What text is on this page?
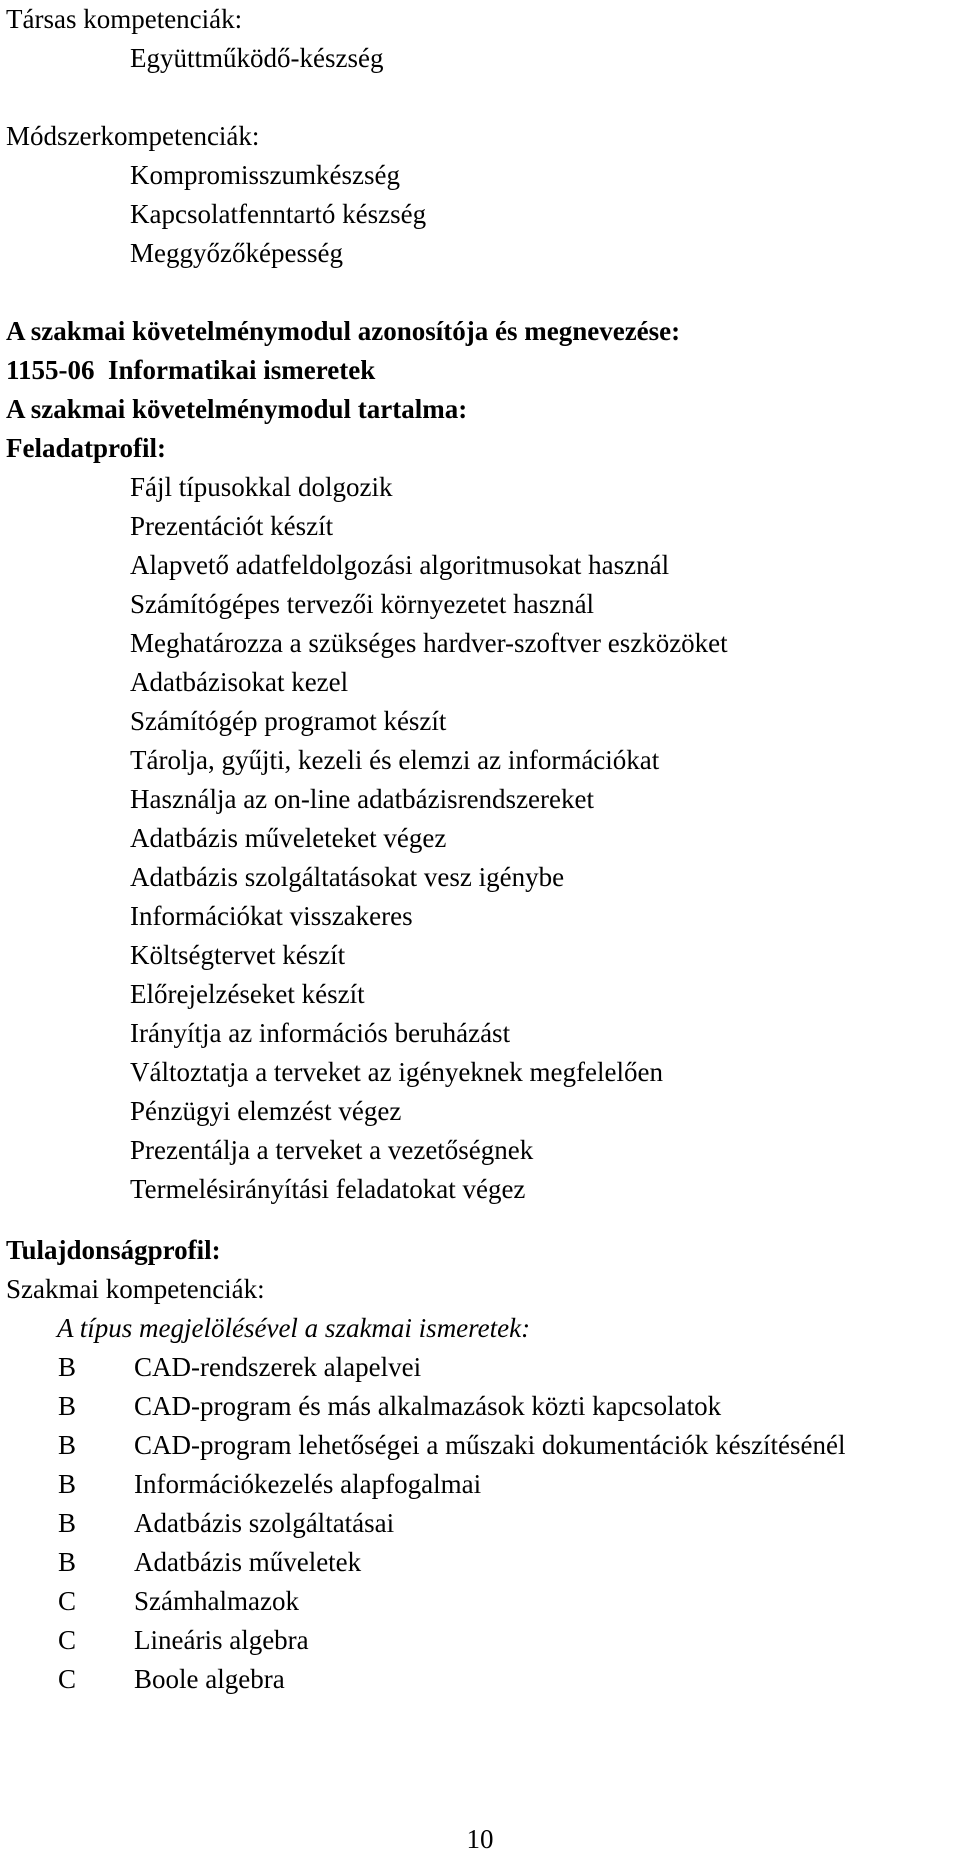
Társas kompetenciák:
Együttműködő-készség
Módszerkompetenciák:
Kompromisszumkészség
Kapcsolatfenntartó készség
Meggyőzőképesség
A szakmai követelménymodul azonosítója és megnevezése:
1155-06  Informatikai ismeretek
A szakmai követelménymodul tartalma:
Feladatprofil:
Fájl típusokkal dolgozik
Prezentációt készít
Alapvető adatfeldolgozási algoritmusokat használ
Számítógépes tervezői környezetet használ
Meghatározza a szükséges hardver-szoftver eszközöket
Adatbázisokat kezel
Számítógép programot készít
Tárolja, gyűjti, kezeli és elemzi az információkat
Használja az on-line adatbázisrendszereket
Adatbázis műveleteket végez
Adatbázis szolgáltatásokat vesz igénybe
Információkat visszakeres
Költségtervet készít
Előrejelzéseket készít
Irányítja az információs beruházást
Változtatja a terveket az igényeknek megfelelően
Pénzügyi elemzést végez
Prezentálja a terveket a vezetőségnek
Termelésirányítási feladatokat végez
Tulajdonságprofil:
Szakmai kompetenciák:
A típus megjelölésével a szakmai ismeretek:
B	CAD-rendszerek alapelvei
B	CAD-program és más alkalmazások közti kapcsolatok
B	CAD-program lehetőségei a műszaki dokumentációk készítésénél
B	Információkezelés alapfogalmai
B	Adatbázis szolgáltatásai
B	Adatbázis műveletek
C	Számhalmazok
C	Lineáris algebra
C	Boole algebra
10
